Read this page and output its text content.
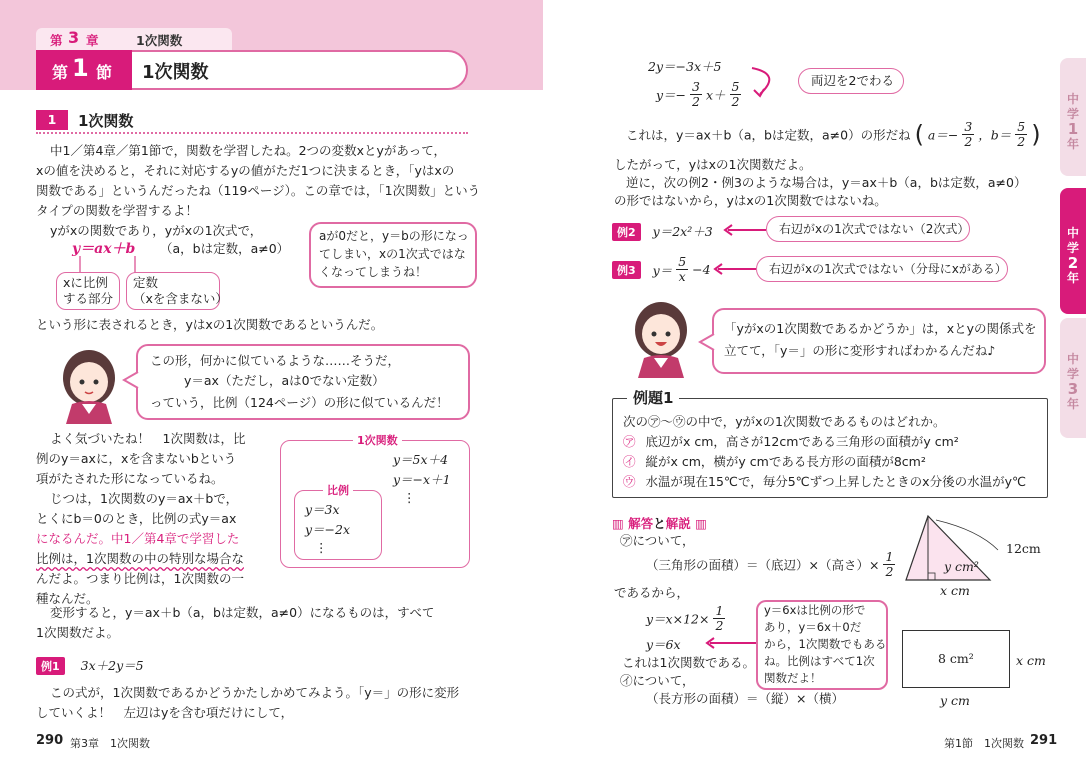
第 3 章	1次関数
第 1 節 1次関数
1	1次関数
中1／第4章／第1節で，関数を学習したね。2つの変数xとyがあって，
xの値を決めると，それに対応するyの値がただ1つに決まるとき，「yはxの
関数である」というんだったね（119ページ）。この章では，「1次関数」という
タイプの関数を学習するよ！
yがxの関数であり，yがxの1次式で，
y＝ax＋b （a，bは定数，a≠0）
xに比例
する部分
定数
（xを含まない）
aが0だと，y＝bの形になっ
てしまい，xの1次式ではな
くなってしまうね！
という形に表されるとき，yはxの1次関数であるというんだ。
この形，何かに似ているような……そうだ，
y＝ax（ただし，aは0でない定数）
っていう，比例（124ページ）の形に似ているんだ！
よく気づいたね！　1次関数は，比
例のy＝axに，xを含まないbという
項がたされた形になっているね。
じつは，1次関数のy＝ax＋bで，
とくにb＝0のとき，比例の式y＝ax
になるんだ。中1／第4章で学習した
比例は，1次関数の中の特別な場合な
んだよ。つまり比例は，1次関数の一
種なんだ。
1次関数
y＝5x＋4
y＝−x＋1
⋮
比例
y＝3x
y＝−2x
⋮
変形すると，y＝ax＋b（a，bは定数，a≠0）になるものは，すべて
1次関数だよ。
例1 3x＋2y＝5
この式が，1次関数であるかどうかたしかめてみよう。「y＝」の形に変形
していくよ！　左辺はyを含む項だけにして，
290 第3章　1次関数
2y＝−3x＋5
$y=- \frac{3}{2} x+ \frac{5}{2}$	両辺を2でわる
これは，y＝ax＋b（a，bは定数，a≠0）の形だね ( $a=- \frac{3}{2}$ ，$b= \frac{5}{2}$ )
したがって，yはxの1次関数だよ。
逆に，次の例2・例3のような場合は，y＝ax＋b（a，bは定数，a≠0）
の形ではないから，yはxの1次関数ではないね。
例2 y＝2x²＋3	右辺がxの1次式ではない（2次式）
例3 $y= \frac{5}{x} -4$	右辺がxの1次式ではない（分母にxがある）
「yがxの1次関数であるかどうか」は，xとyの関係式を
立てて，「y＝」の形に変形すればわかるんだね♪
例題1
次の㋐〜㋒の中で，yがxの1次関数であるものはどれか。
㋐ 底辺がx cm，高さが12cmである三角形の面積がy cm²
㋑ 縦がx cm，横がy cmである長方形の面積が8cm²
㋒ 水温が現在15℃で，毎分5℃ずつ上昇したときのx分後の水温がy℃
▥ 解答と解説 ▥
㋐について，
（三角形の面積）＝（底辺）×（高さ）× $\frac{1}{2}$
であるから，
$y=x\times 12\times \frac{1}{2}$
y＝6x
これは1次関数である。
㋑について，
（長方形の面積）＝（縦）×（横）
y＝6xは比例の形で
あり，y＝6x＋0だ
から，1次関数でもある
ね。比例はすべて1次
関数だよ！
12cm
y cm²
x cm
8 cm²	x cm
y cm
第1節　1次関数 291
中
学
1
年
中
学
2
年
中
学
3
年
